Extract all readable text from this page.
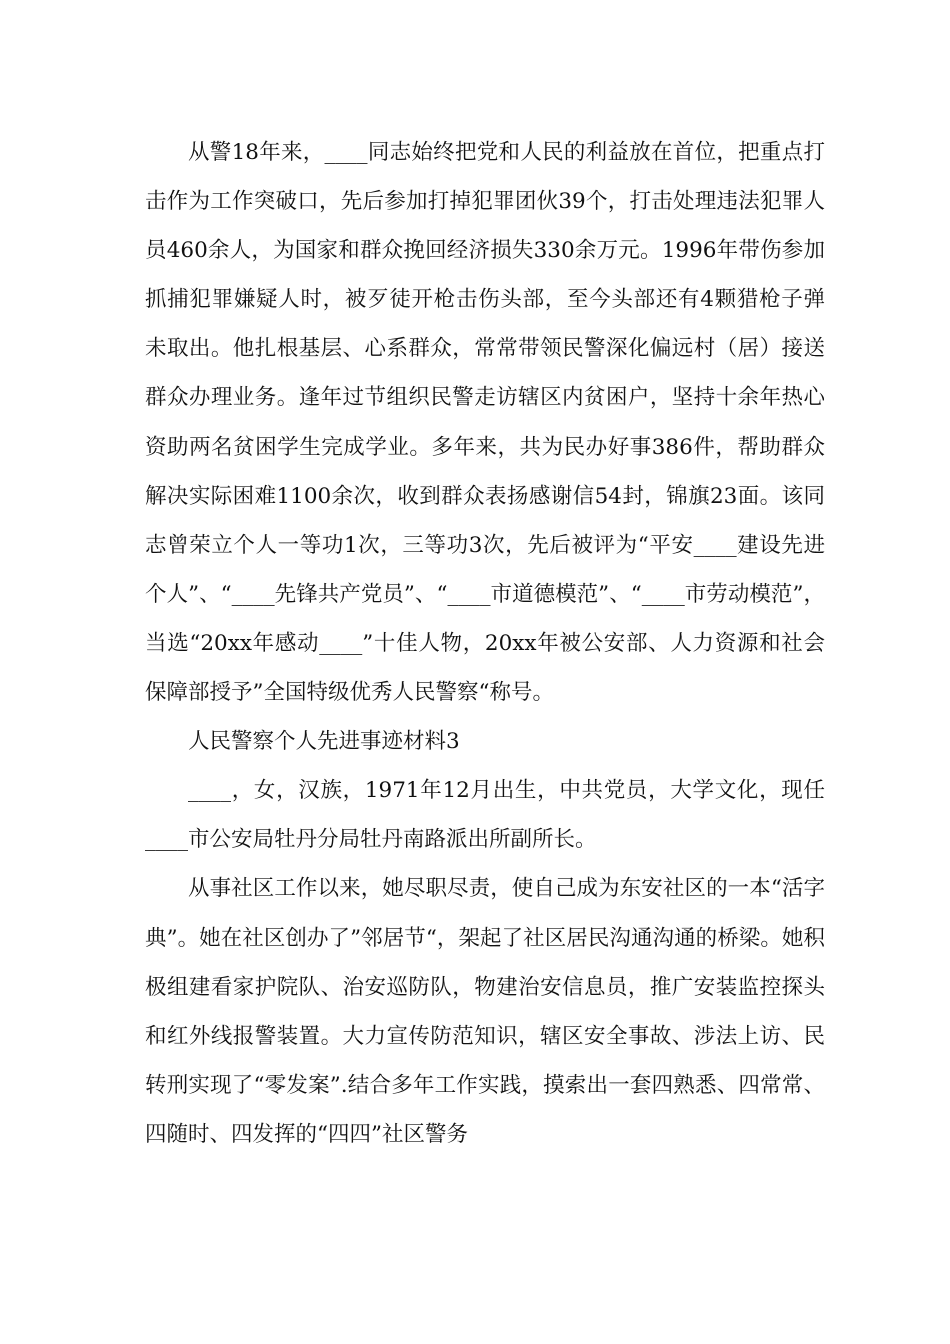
从警18年来，____同志始终把党和人民的利益放在首位，把重点打击作为工作突破口，先后参加打掉犯罪团伙39个，打击处理违法犯罪人员460余人，为国家和群众挽回经济损失330余万元。1996年带伤参加抓捕犯罪嫌疑人时，被歹徒开枪击伤头部，至今头部还有4颗猎枪子弹未取出。他扎根基层、心系群众，常常带领民警深化偏远村（居）接送群众办理业务。逢年过节组织民警走访辖区内贫困户，坚持十余年热心资助两名贫困学生完成学业。多年来，共为民办好事386件，帮助群众解决实际困难1100余次，收到群众表扬感谢信54封，锦旗23面。该同志曾荣立个人一等功1次，三等功3次，先后被评为“平安____建设先进个人”、“____先锋共产党员”、“____市道德模范”、“____市劳动模范”，当选“20xx年感动____”十佳人物，20xx年被公安部、人力资源和社会保障部授予”全国特级优秀人民警察“称号。

人民警察个人先进事迹材料3

____，女，汉族，1971年12月出生，中共党员，大学文化，现任____市公安局牡丹分局牡丹南路派出所副所长。

从事社区工作以来，她尽职尽责，使自己成为东安社区的一本“活字典”。她在社区创办了”邻居节“，架起了社区居民沟通沟通的桥梁。她积极组建看家护院队、治安巡防队，物建治安信息员，推广安装监控探头和红外线报警装置。大力宣传防范知识，辖区安全事故、涉法上访、民转刑实现了“零发案”.结合多年工作实践，摸索出一套四熟悉、四常常、四随时、四发挥的“四四”社区警务
